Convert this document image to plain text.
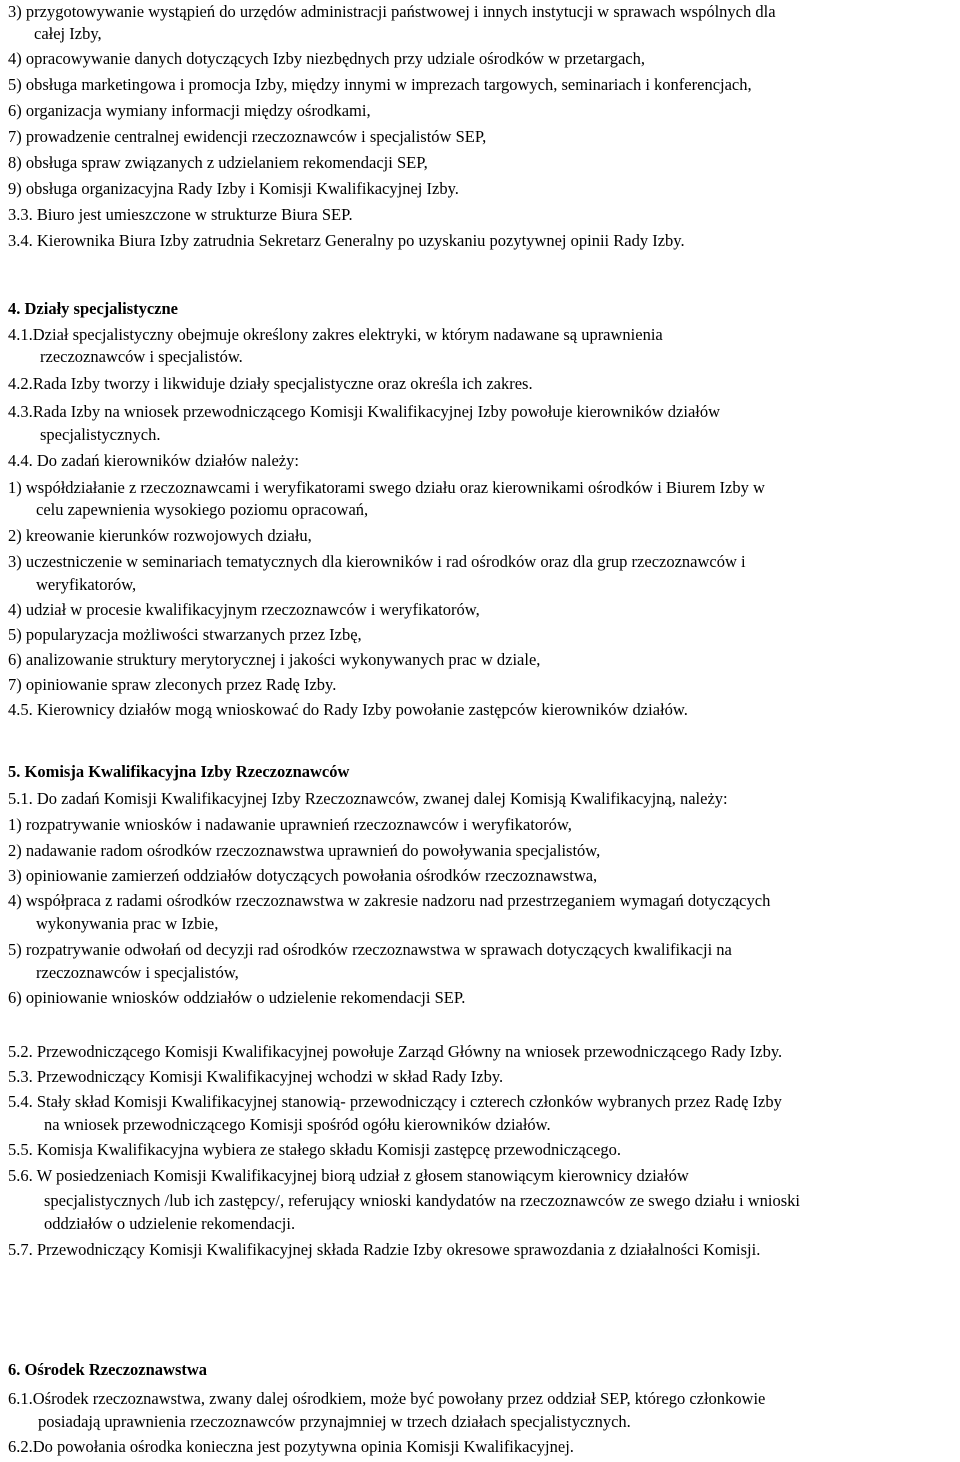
3) przygotowywanie wystąpień do urzędów administracji państwowej i innych instytucji w sprawach wspólnych dla
całej Izby,
4) opracowywanie danych dotyczących Izby niezbędnych przy udziale ośrodków w przetargach,
5) obsługa marketingowa i promocja Izby, między innymi w imprezach targowych, seminariach i konferencjach,
6) organizacja wymiany informacji między ośrodkami,
7) prowadzenie centralnej ewidencji rzeczoznawców i specjalistów SEP,
8) obsługa spraw związanych z udzielaniem rekomendacji SEP,
9) obsługa organizacyjna Rady Izby i Komisji Kwalifikacyjnej Izby.
3.3. Biuro jest umieszczone w strukturze Biura SEP.
3.4. Kierownika Biura Izby zatrudnia Sekretarz Generalny po uzyskaniu pozytywnej opinii Rady Izby.
4. Działy specjalistyczne
4.1.Dział specjalistyczny obejmuje określony zakres elektryki, w którym nadawane są uprawnienia
rzeczoznawców i specjalistów.
4.2.Rada Izby tworzy i likwiduje działy specjalistyczne oraz określa ich zakres.
4.3.Rada Izby na wniosek przewodniczącego Komisji Kwalifikacyjnej Izby powołuje kierowników działów
specjalistycznych.
4.4. Do zadań kierowników działów należy:
1) współdziałanie z rzeczoznawcami i weryfikatorami swego działu oraz kierownikami ośrodków i Biurem Izby w
celu zapewnienia wysokiego poziomu opracowań,
2) kreowanie kierunków rozwojowych działu,
3) uczestniczenie w seminariach tematycznych dla kierowników i rad ośrodków oraz dla grup rzeczoznawców i
weryfikatorów,
4) udział w procesie kwalifikacyjnym rzeczoznawców i weryfikatorów,
5) popularyzacja możliwości stwarzanych przez Izbę,
6) analizowanie struktury merytorycznej i jakości wykonywanych prac w dziale,
7) opiniowanie spraw zleconych przez Radę Izby.
4.5. Kierownicy działów mogą wnioskować do Rady Izby powołanie zastępców kierowników działów.
5. Komisja Kwalifikacyjna Izby Rzeczoznawców
5.1. Do zadań Komisji Kwalifikacyjnej Izby Rzeczoznawców, zwanej dalej Komisją Kwalifikacyjną, należy:
1) rozpatrywanie wniosków i nadawanie uprawnień rzeczoznawców i weryfikatorów,
2) nadawanie radom ośrodków rzeczoznawstwa uprawnień do powoływania specjalistów,
3) opiniowanie zamierzeń oddziałów dotyczących powołania ośrodków rzeczoznawstwa,
4) współpraca z radami ośrodków rzeczoznawstwa w zakresie nadzoru nad przestrzeganiem wymagań dotyczących
wykonywania prac w Izbie,
5) rozpatrywanie odwołań od decyzji rad ośrodków rzeczoznawstwa w sprawach dotyczących kwalifikacji na
rzeczoznawców i specjalistów,
6) opiniowanie wniosków oddziałów o udzielenie rekomendacji SEP.
5.2. Przewodniczącego Komisji Kwalifikacyjnej powołuje Zarząd Główny na wniosek przewodniczącego Rady Izby.
5.3. Przewodniczący Komisji Kwalifikacyjnej wchodzi w skład Rady Izby.
5.4. Stały skład Komisji Kwalifikacyjnej stanowią- przewodniczący i czterech członków wybranych przez Radę Izby
na wniosek przewodniczącego Komisji spośród ogółu kierowników działów.
5.5. Komisja Kwalifikacyjna wybiera ze stałego składu Komisji zastępcę przewodniczącego.
5.6. W posiedzeniach Komisji Kwalifikacyjnej biorą udział z głosem stanowiącym kierownicy działów
specjalistycznych /lub ich zastępcy/, referujący wnioski kandydatów na rzeczoznawców ze swego działu i wnioski
oddziałów o udzielenie rekomendacji.
5.7. Przewodniczący Komisji Kwalifikacyjnej składa Radzie Izby okresowe sprawozdania z działalności Komisji.
6. Ośrodek Rzeczoznawstwa
6.1.Ośrodek rzeczoznawstwa, zwany dalej ośrodkiem, może być powołany przez oddział SEP, którego członkowie
posiadają uprawnienia rzeczoznawców przynajmniej w trzech działach specjalistycznych.
6.2.Do powołania ośrodka konieczna jest pozytywna opinia Komisji Kwalifikacyjnej.
